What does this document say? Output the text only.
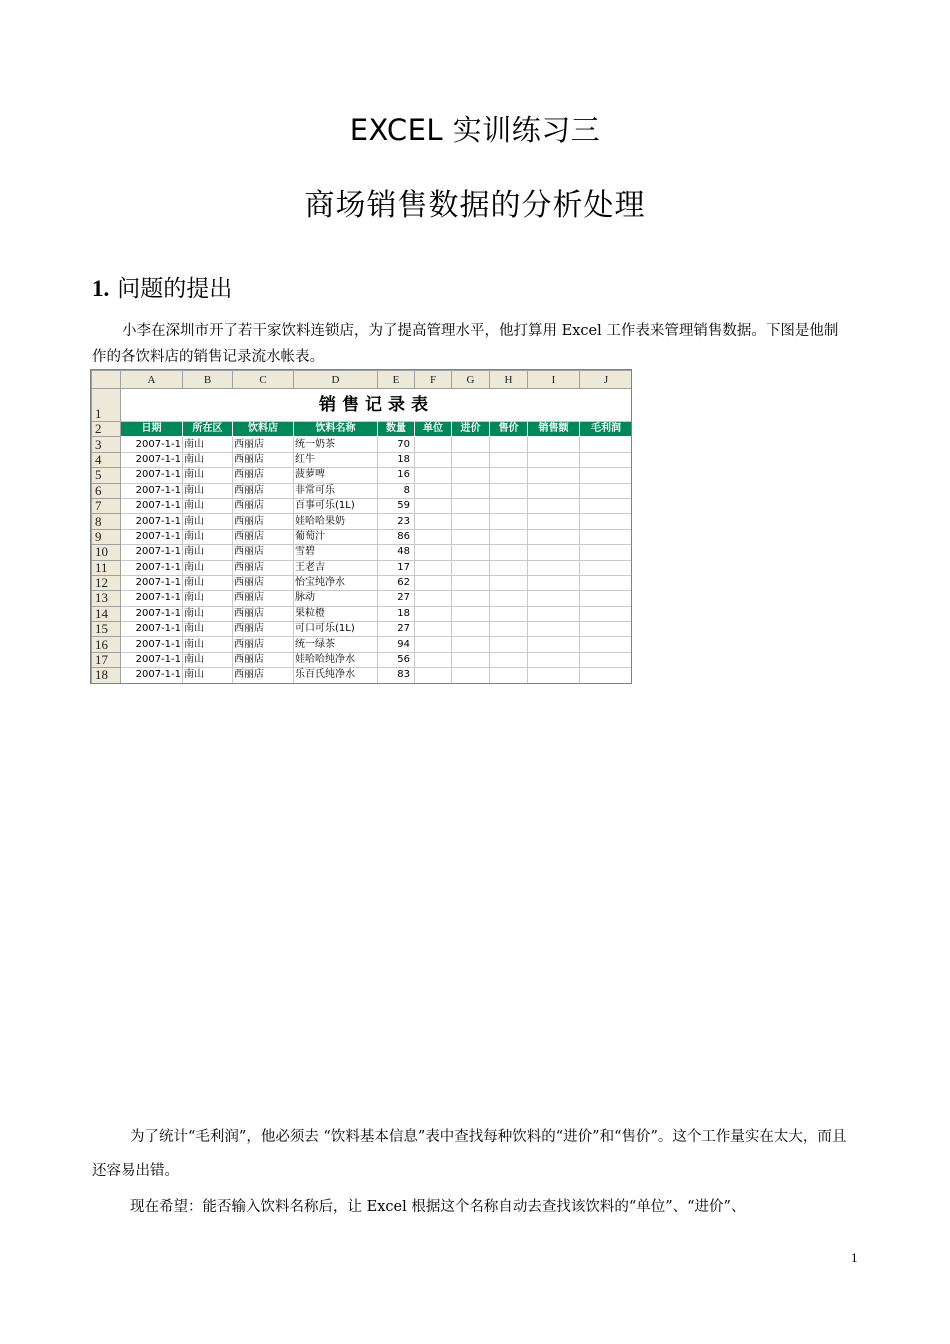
EXCEL 实训练习三
商场销售数据的分析处理
1. 问题的提出
小李在深圳市开了若干家饮料连锁店，为了提高管理水平，他打算用 Excel 工作表来管理销售数据。下图是他制作的各饮料店的销售记录流水帐表。
	A	B	C	D	E	F	G	H	I	J
1	销售记录表									
2	日期	所在区	饮料店	饮料名称	数量	单位	进价	售价	销售额	毛利润
3	2007-1-1	南山	西丽店	统一奶茶	70					
4	2007-1-1	南山	西丽店	红牛	18					
5	2007-1-1	南山	西丽店	菠萝啤	16					
6	2007-1-1	南山	西丽店	非常可乐	8					
7	2007-1-1	南山	西丽店	百事可乐(1L)	59					
8	2007-1-1	南山	西丽店	娃哈哈果奶	23					
9	2007-1-1	南山	西丽店	葡萄汁	86					
10	2007-1-1	南山	西丽店	雪碧	48					
11	2007-1-1	南山	西丽店	王老吉	17					
12	2007-1-1	南山	西丽店	怡宝纯净水	62					
13	2007-1-1	南山	西丽店	脉动	27					
14	2007-1-1	南山	西丽店	果粒橙	18					
15	2007-1-1	南山	西丽店	可口可乐(1L)	27					
16	2007-1-1	南山	西丽店	统一绿茶	94					
17	2007-1-1	南山	西丽店	娃哈哈纯净水	56					
18	2007-1-1	南山	西丽店	乐百氏纯净水	83					
为了统计“毛利润”，他必须去 “饮料基本信息”表中查找每种饮料的“进价”和“售价”。这个工作量实在太大，而且还容易出错。
现在希望：能否输入饮料名称后，让 Excel 根据这个名称自动去查找该饮料的“单位”、“进价”、
1
